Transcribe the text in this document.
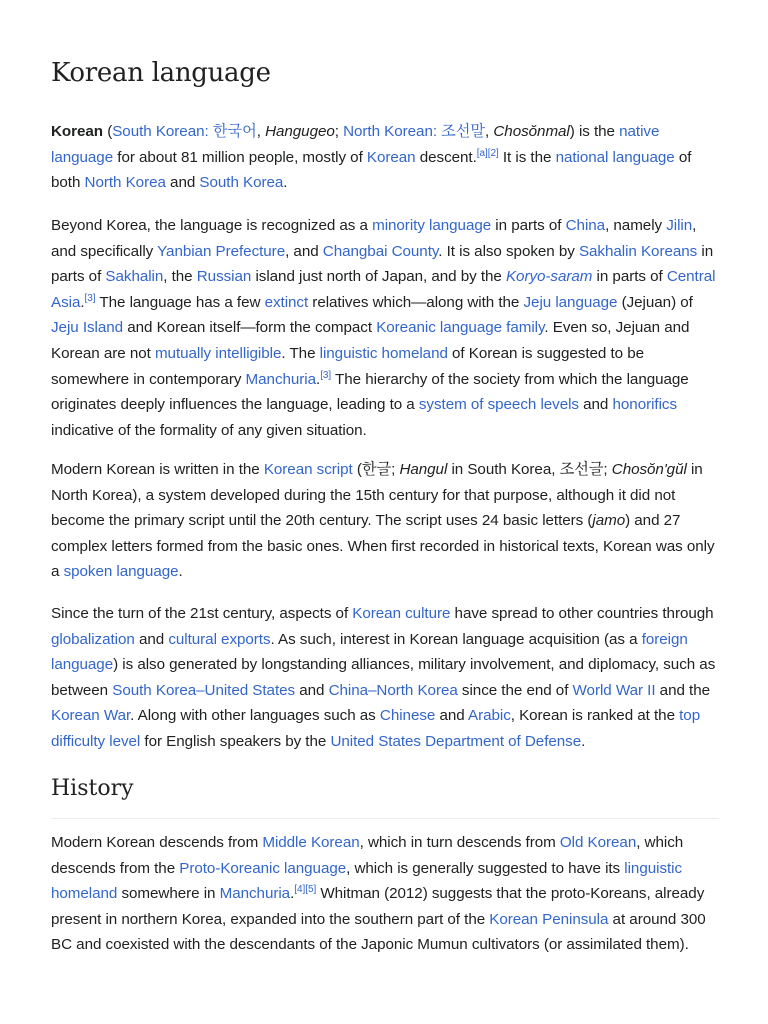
Korean language

Korean (South Korean: 한국어, Hangugeo; North Korean: 조선말, Chosŏnmal) is the native language for about 81 million people, mostly of Korean descent.[a][2] It is the national language of both North Korea and South Korea.

Beyond Korea, the language is recognized as a minority language in parts of China, namely Jilin, and specifically Yanbian Prefecture, and Changbai County. It is also spoken by Sakhalin Koreans in parts of Sakhalin, the Russian island just north of Japan, and by the Koryo-saram in parts of Central Asia.[3] The language has a few extinct relatives which—along with the Jeju language (Jejuan) of Jeju Island and Korean itself—form the compact Koreanic language family. Even so, Jejuan and Korean are not mutually intelligible. The linguistic homeland of Korean is suggested to be somewhere in contemporary Manchuria.[3] The hierarchy of the society from which the language originates deeply influences the language, leading to a system of speech levels and honorifics indicative of the formality of any given situation.

Modern Korean is written in the Korean script (한글; Hangul in South Korea, 조선글; Chosŏn'gŭl in North Korea), a system developed during the 15th century for that purpose, although it did not become the primary script until the 20th century. The script uses 24 basic letters (jamo) and 27 complex letters formed from the basic ones. When first recorded in historical texts, Korean was only a spoken language.

Since the turn of the 21st century, aspects of Korean culture have spread to other countries through globalization and cultural exports. As such, interest in Korean language acquisition (as a foreign language) is also generated by longstanding alliances, military involvement, and diplomacy, such as between South Korea–United States and China–North Korea since the end of World War II and the Korean War. Along with other languages such as Chinese and Arabic, Korean is ranked at the top difficulty level for English speakers by the United States Department of Defense.

History

Modern Korean descends from Middle Korean, which in turn descends from Old Korean, which descends from the Proto-Koreanic language, which is generally suggested to have its linguistic homeland somewhere in Manchuria.[4][5] Whitman (2012) suggests that the proto-Koreans, already present in northern Korea, expanded into the southern part of the Korean Peninsula at around 300 BC and coexisted with the descendants of the Japonic Mumun cultivators (or assimilated them).
